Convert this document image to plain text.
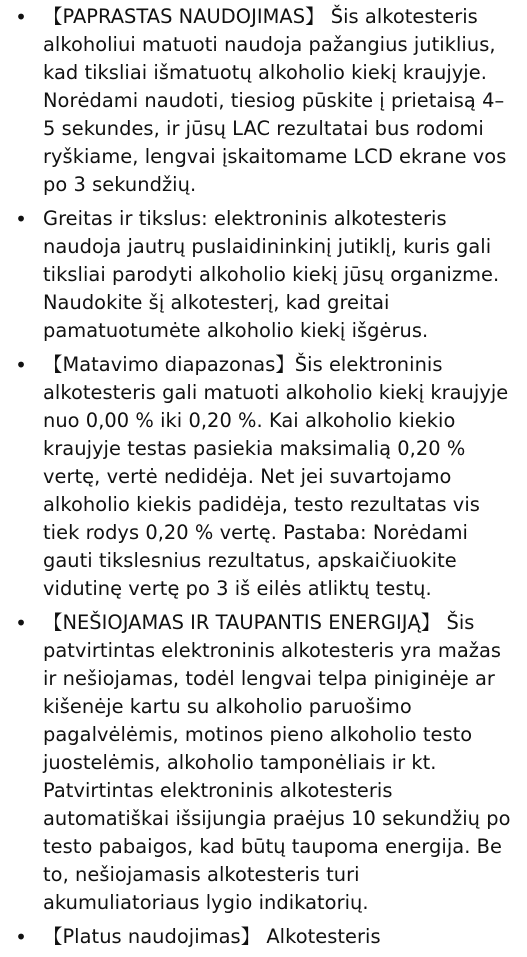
• 【PAPRASTAS NAUDOJIMAS】 Šis alkotesteris alkoholiui matuoti naudoja pažangius jutiklius, kad tiksliai išmatuotų alkoholio kiekį kraujyje. Norėdami naudoti, tiesiog pūskite į prietaisą 4–5 sekundes, ir jūsų LAC rezultatai bus rodomi ryškiame, lengvai įskaitomame LCD ekrane vos po 3 sekundžių.
• Greitas ir tikslus: elektroninis alkotesteris naudoja jautrų puslaidininkinį jutiklį, kuris gali tiksliai parodyti alkoholio kiekį jūsų organizme. Naudokite šį alkotesterį, kad greitai pamatuotumėte alkoholio kiekį išgėrus.
• 【Matavimo diapazonas】Šis elektroninis alkotesteris gali matuoti alkoholio kiekį kraujyje nuo 0,00 % iki 0,20 %. Kai alkoholio kiekio kraujyje testas pasiekia maksimalią 0,20 % vertę, vertė nedidėja. Net jei suvartojamo alkoholio kiekis padidėja, testo rezultatas vis tiek rodys 0,20 % vertę. Pastaba: Norėdami gauti tikslesnius rezultatus, apskaičiuokite vidutinę vertę po 3 iš eilės atliktų testų.
• 【NEŠIOJAMAS IR TAUPANTIS ENERGIJĄ】 Šis patvirtintas elektroninis alkotesteris yra mažas ir nešiojamas, todėl lengvai telpa piniginėje ar kišenėje kartu su alkoholio paruošimo pagalvėlėmis, motinos pieno alkoholio testo juostelėmis, alkoholio tamponėliais ir kt. Patvirtintas elektroninis alkotesteris automatiškai išsijungia praėjus 10 sekundžių po testo pabaigos, kad būtų taupoma energija. Be to, nešiojamasis alkotesteris turi akumuliatoriaus lygio indikatorių.
• 【Platus naudojimas】 Alkotesteris
